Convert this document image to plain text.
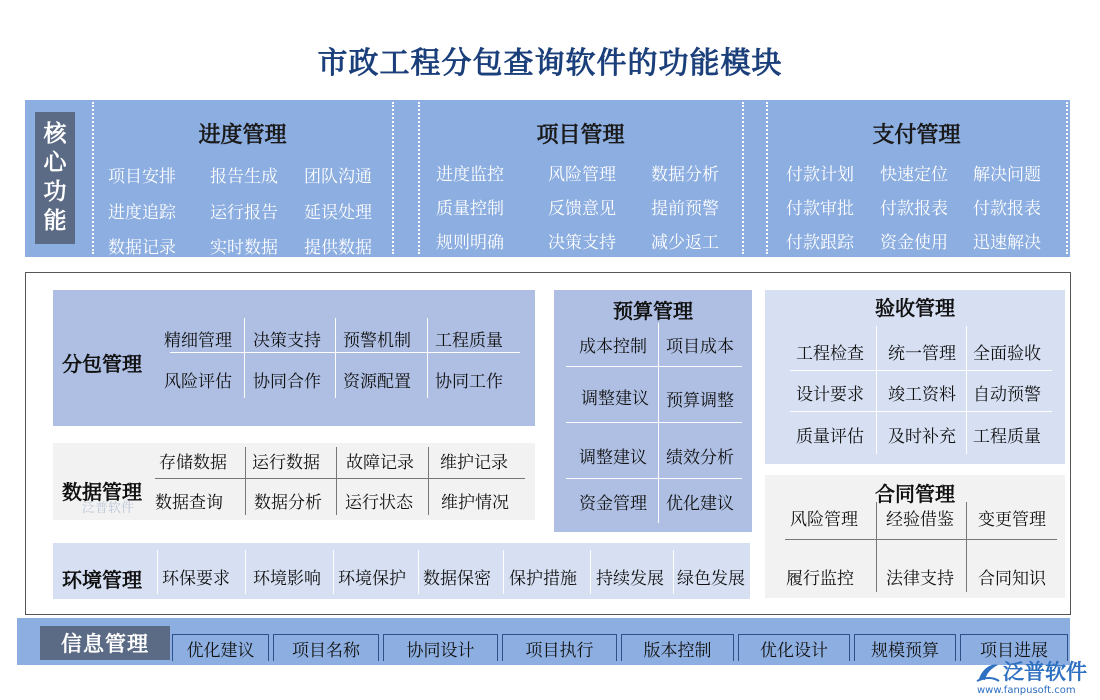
市政工程分包查询软件的功能模块
核
心
功
能
进度管理
项目安排 报告生成 团队沟通
进度追踪 运行报告 延误处理
数据记录 实时数据 提供数据
项目管理
进度监控	风险管理 数据分析
质量控制	反馈意见 提前预警
规则明确	决策支持 减少返工
支付管理
付款计划 快速定位 解决问题
付款审批 付款报表 付款报表
付款跟踪 资金使用 迅速解决
分包管理
精细管理 决策支持 预警机制 工程质量
风险评估 协同合作 资源配置 协同工作
泛普软件
数据管理
存储数据 运行数据 故障记录 维护记录
数据查询 数据分析 运行状态 维护情况
环境管理 环保要求 环境影响 环境保护 数据保密 保护措施 持续发展 绿色发展
预算管理
成本控制 项目成本
调整建议 预算调整
调整建议 绩效分析
资金管理 优化建议
验收管理
工程检查 统一管理 全面验收
设计要求 竣工资料 自动预警
质量评估 及时补充 工程质量
合同管理
风险管理 经验借鉴 变更管理
履行监控 法律支持 合同知识
信息管理	优化建议	项目名称	协同设计	项目执行	版本控制	优化设计	规模预算	项目进展
泛普软件
www.fanpusoft.com
